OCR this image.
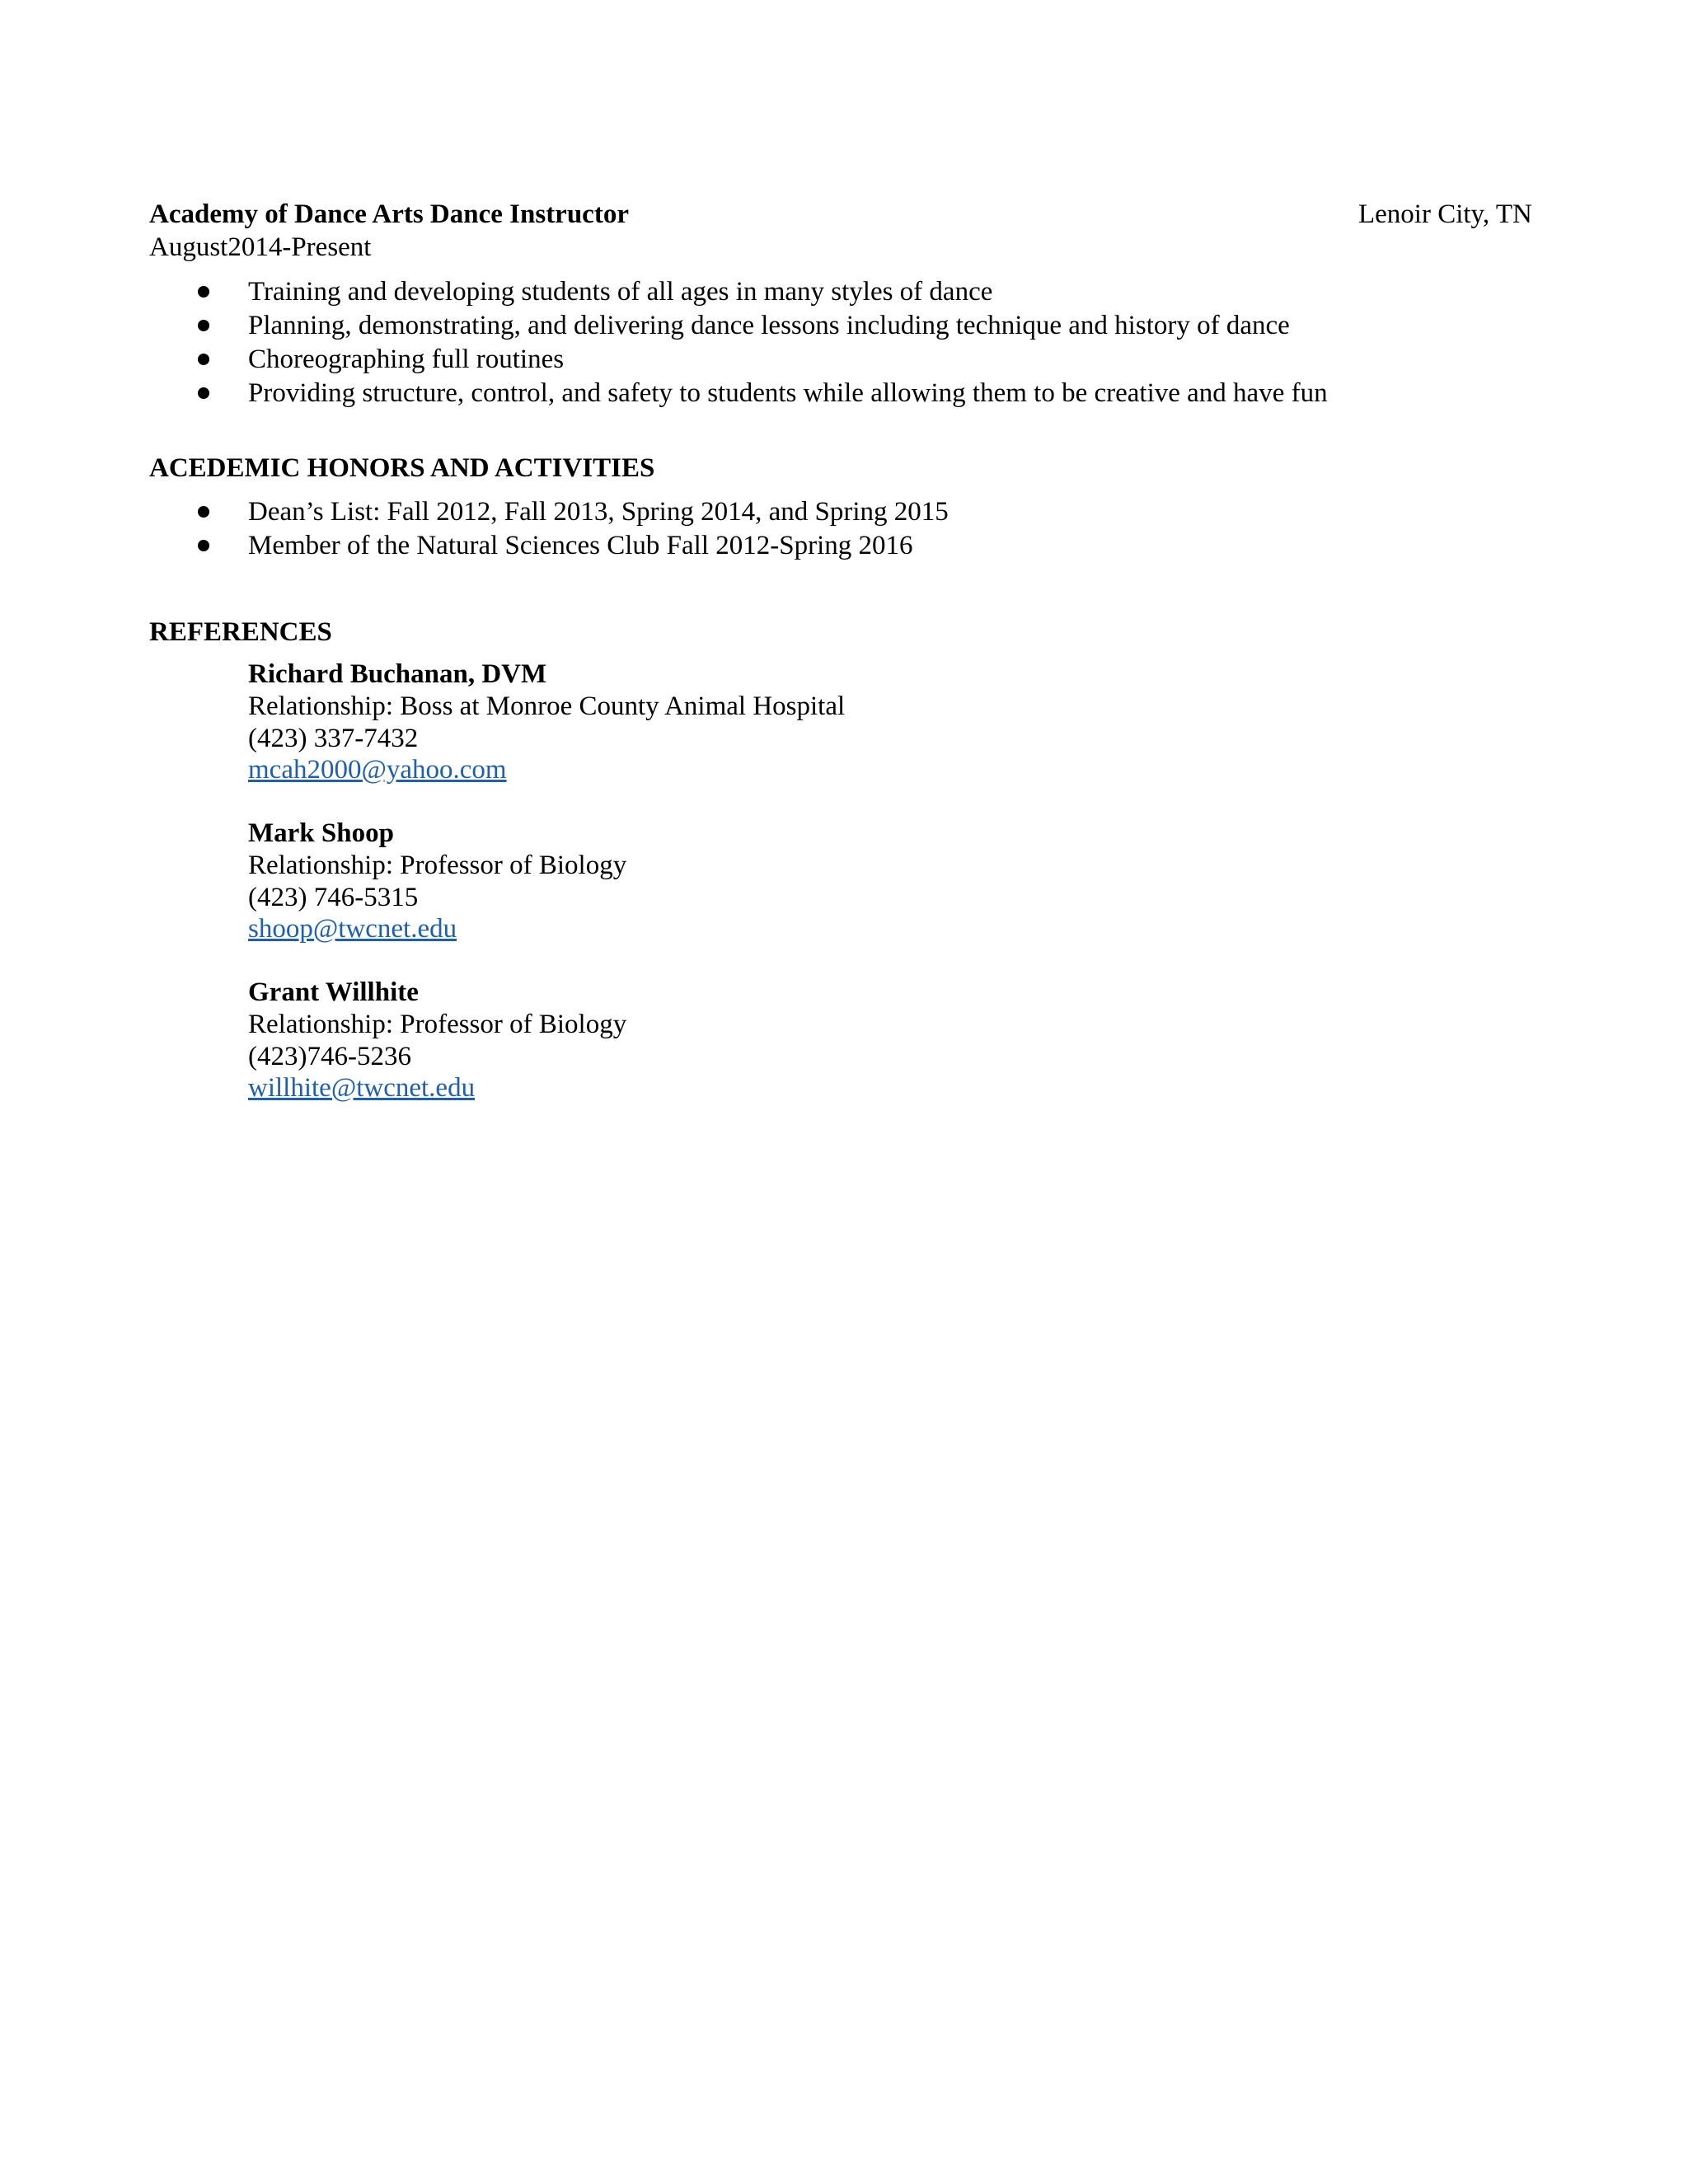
Academy of Dance Arts Dance Instructor	Lenoir City, TN
August2014-Present
Training and developing students of all ages in many styles of dance
Planning, demonstrating, and delivering dance lessons including technique and history of dance
Choreographing full routines
Providing structure, control, and safety to students while allowing them to be creative and have fun
ACEDEMIC HONORS AND ACTIVITIES
Dean’s List: Fall 2012, Fall 2013, Spring 2014, and Spring 2015
Member of the Natural Sciences Club Fall 2012-Spring 2016
REFERENCES
Richard Buchanan, DVM
Relationship: Boss at Monroe County Animal Hospital
(423) 337-7432
mcah2000@yahoo.com
Mark Shoop
Relationship: Professor of Biology
(423) 746-5315
shoop@twcnet.edu
Grant Willhite
Relationship: Professor of Biology
(423)746-5236
willhite@twcnet.edu
